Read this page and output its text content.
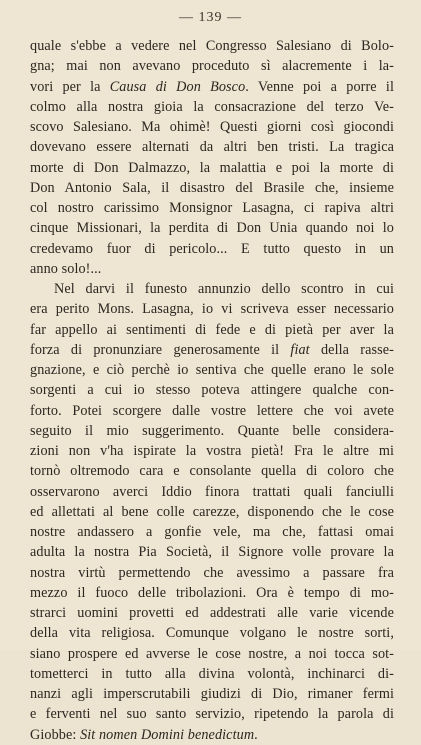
— 139 —
quale s'ebbe a vedere nel Congresso Salesiano di Bolo-
gna; mai non avevano proceduto sì alacremente i la-
vori per la Causa di Don Bosco. Venne poi a porre il
colmo alla nostra gioia la consacrazione del terzo Ve-
scovo Salesiano. Ma ohimè! Questi giorni così giocondi
dovevano essere alternati da altri ben tristi. La tragica
morte di Don Dalmazzo, la malattia e poi la morte di
Don Antonio Sala, il disastro del Brasile che, insieme
col nostro carissimo Monsignor Lasagna, ci rapiva altri
cinque Missionari, la perdita di Don Unia quando noi lo
credevamo fuor di pericolo... E tutto questo in un
anno solo!...
Nel darvi il funesto annunzio dello scontro in cui
era perito Mons. Lasagna, io vi scriveva esser necessario
far appello ai sentimenti di fede e di pietà per aver la
forza di pronunziare generosamente il fiat della rasse-
gnazione, e ciò perchè io sentiva che quelle erano le sole
sorgenti a cui io stesso poteva attingere qualche con-
forto. Potei scorgere dalle vostre lettere che voi avete
seguito il mio suggerimento. Quante belle considera-
zioni non v'ha ispirate la vostra pietà! Fra le altre mi
tornò oltremodo cara e consolante quella di coloro che
osservarono averci Iddio finora trattati quali fanciulli
ed allettati al bene colle carezze, disponendo che le cose
nostre andassero a gonfie vele, ma che, fattasi omai
adulta la nostra Pia Società, il Signore volle provare la
nostra virtù permettendo che avessimo a passare fra
mezzo il fuoco delle tribolazioni. Ora è tempo di mo-
strarci uomini provetti ed addestrati alle varie vicende
della vita religiosa. Comunque volgano le nostre sorti,
siano prospere ed avverse le cose nostre, a noi tocca sot-
tometterci in tutto alla divina volontà, inchinarci di-
nanzi agli imperscrutabili giudizi di Dio, rimaner fermi
e ferventi nel suo santo servizio, ripetendo la parola di
Giobbe: Sit nomen Domini benedictum.
